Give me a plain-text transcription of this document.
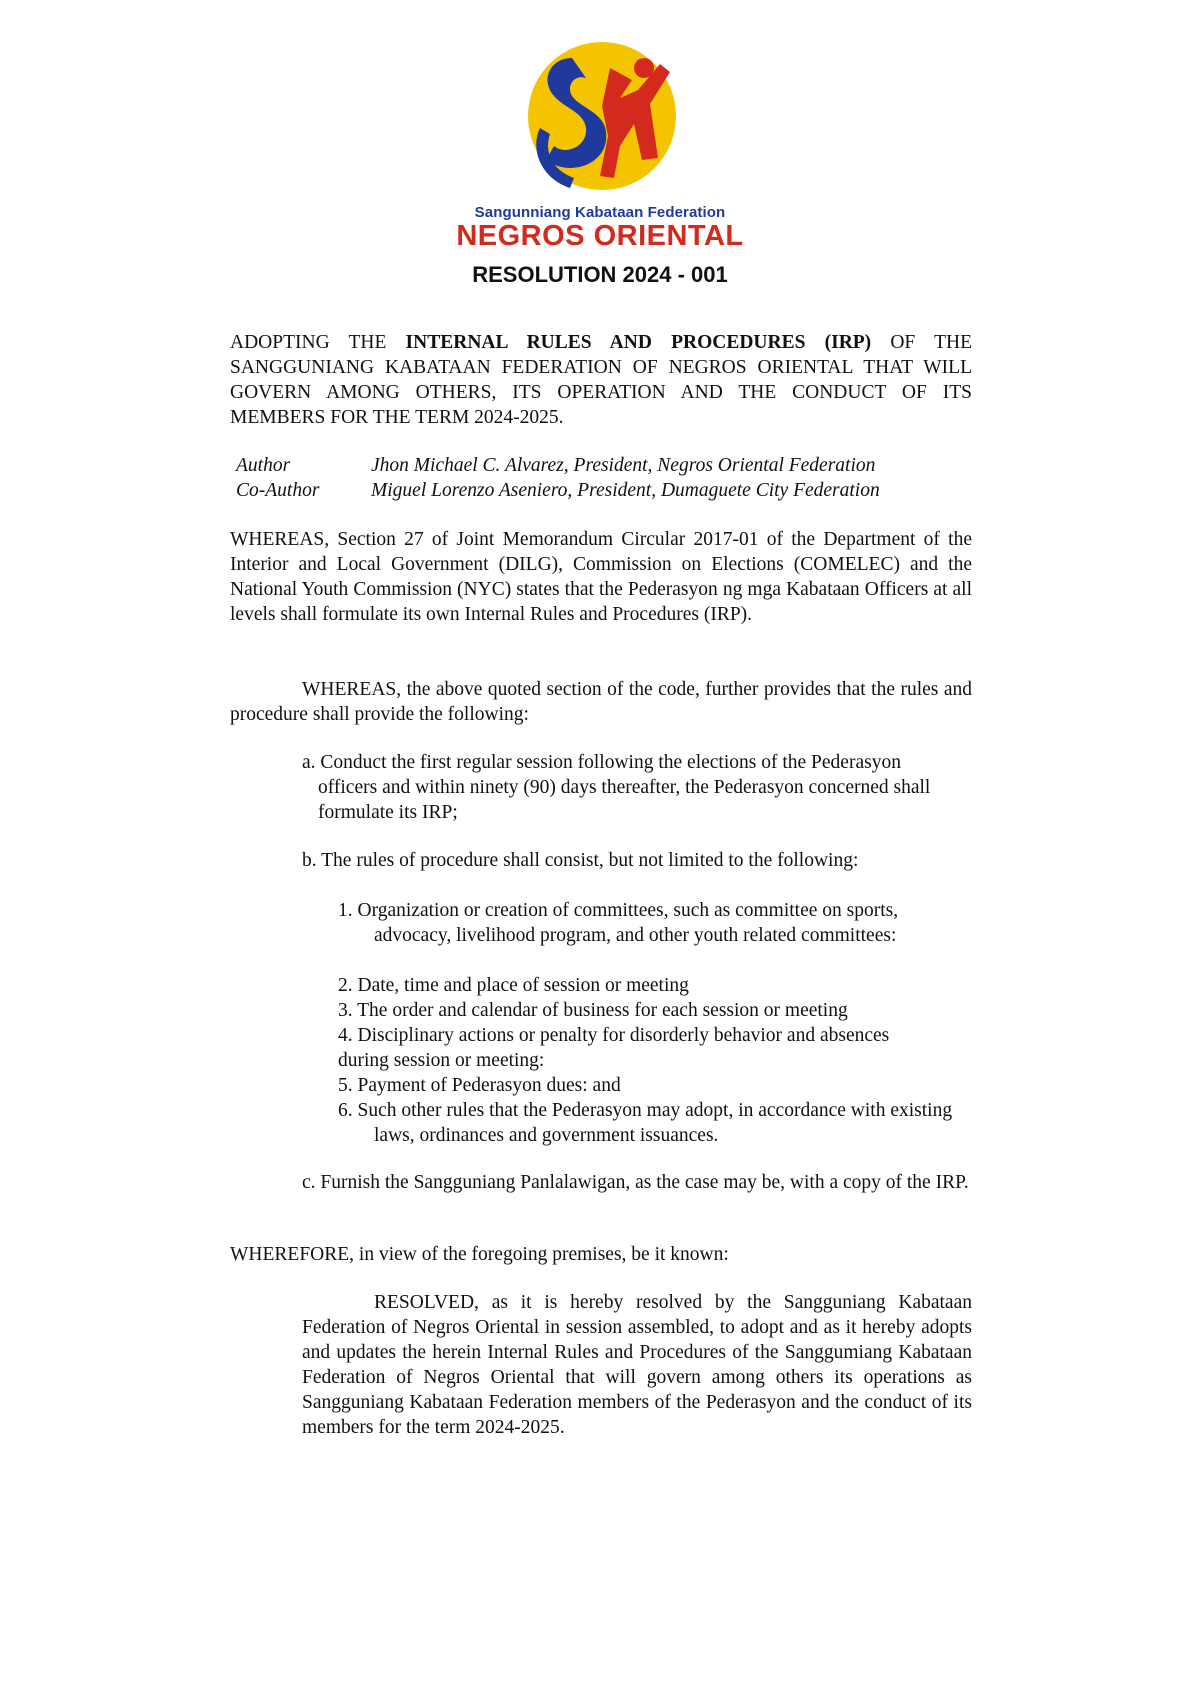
Sangunniang Kabataan Federation
NEGROS ORIENTAL
RESOLUTION 2024 - 001
ADOPTING THE INTERNAL RULES AND PROCEDURES (IRP) OF THE SANGGUNIANG KABATAAN FEDERATION OF NEGROS ORIENTAL THAT WILL GOVERN AMONG OTHERS, ITS OPERATION AND THE CONDUCT OF ITS MEMBERS FOR THE TERM 2024-2025.
Author	Jhon Michael C. Alvarez, President, Negros Oriental Federation
Co-Author	Miguel Lorenzo Aseniero, President, Dumaguete City Federation
WHEREAS, Section 27 of Joint Memorandum Circular 2017-01 of the Department of the Interior and Local Government (DILG), Commission on Elections (COMELEC) and the National Youth Commission (NYC) states that the Pederasyon ng mga Kabataan Officers at all levels shall formulate its own Internal Rules and Procedures (IRP).
WHEREAS, the above quoted section of the code, further provides that the rules and procedure shall provide the following:
a. Conduct the first regular session following the elections of the Pederasyon officers and within ninety (90) days thereafter, the Pederasyon concerned shall formulate its IRP;
b. The rules of procedure shall consist, but not limited to the following:
1. Organization or creation of committees, such as committee on sports, advocacy, livelihood program, and other youth related committees:
2. Date, time and place of session or meeting
3. The order and calendar of business for each session or meeting
4. Disciplinary actions or penalty for disorderly behavior and absences during session or meeting:
5. Payment of Pederasyon dues: and
6. Such other rules that the Pederasyon may adopt, in accordance with existing laws, ordinances and government issuances.
c. Furnish the Sangguniang Panlalawigan, as the case may be, with a copy of the IRP.
WHEREFORE, in view of the foregoing premises, be it known:
RESOLVED, as it is hereby resolved by the Sangguniang Kabataan Federation of Negros Oriental in session assembled, to adopt and as it hereby adopts and updates the herein Internal Rules and Procedures of the Sanggumiang Kabataan Federation of Negros Oriental that will govern among others its operations as Sangguniang Kabataan Federation members of the Pederasyon and the conduct of its members for the term 2024-2025.
